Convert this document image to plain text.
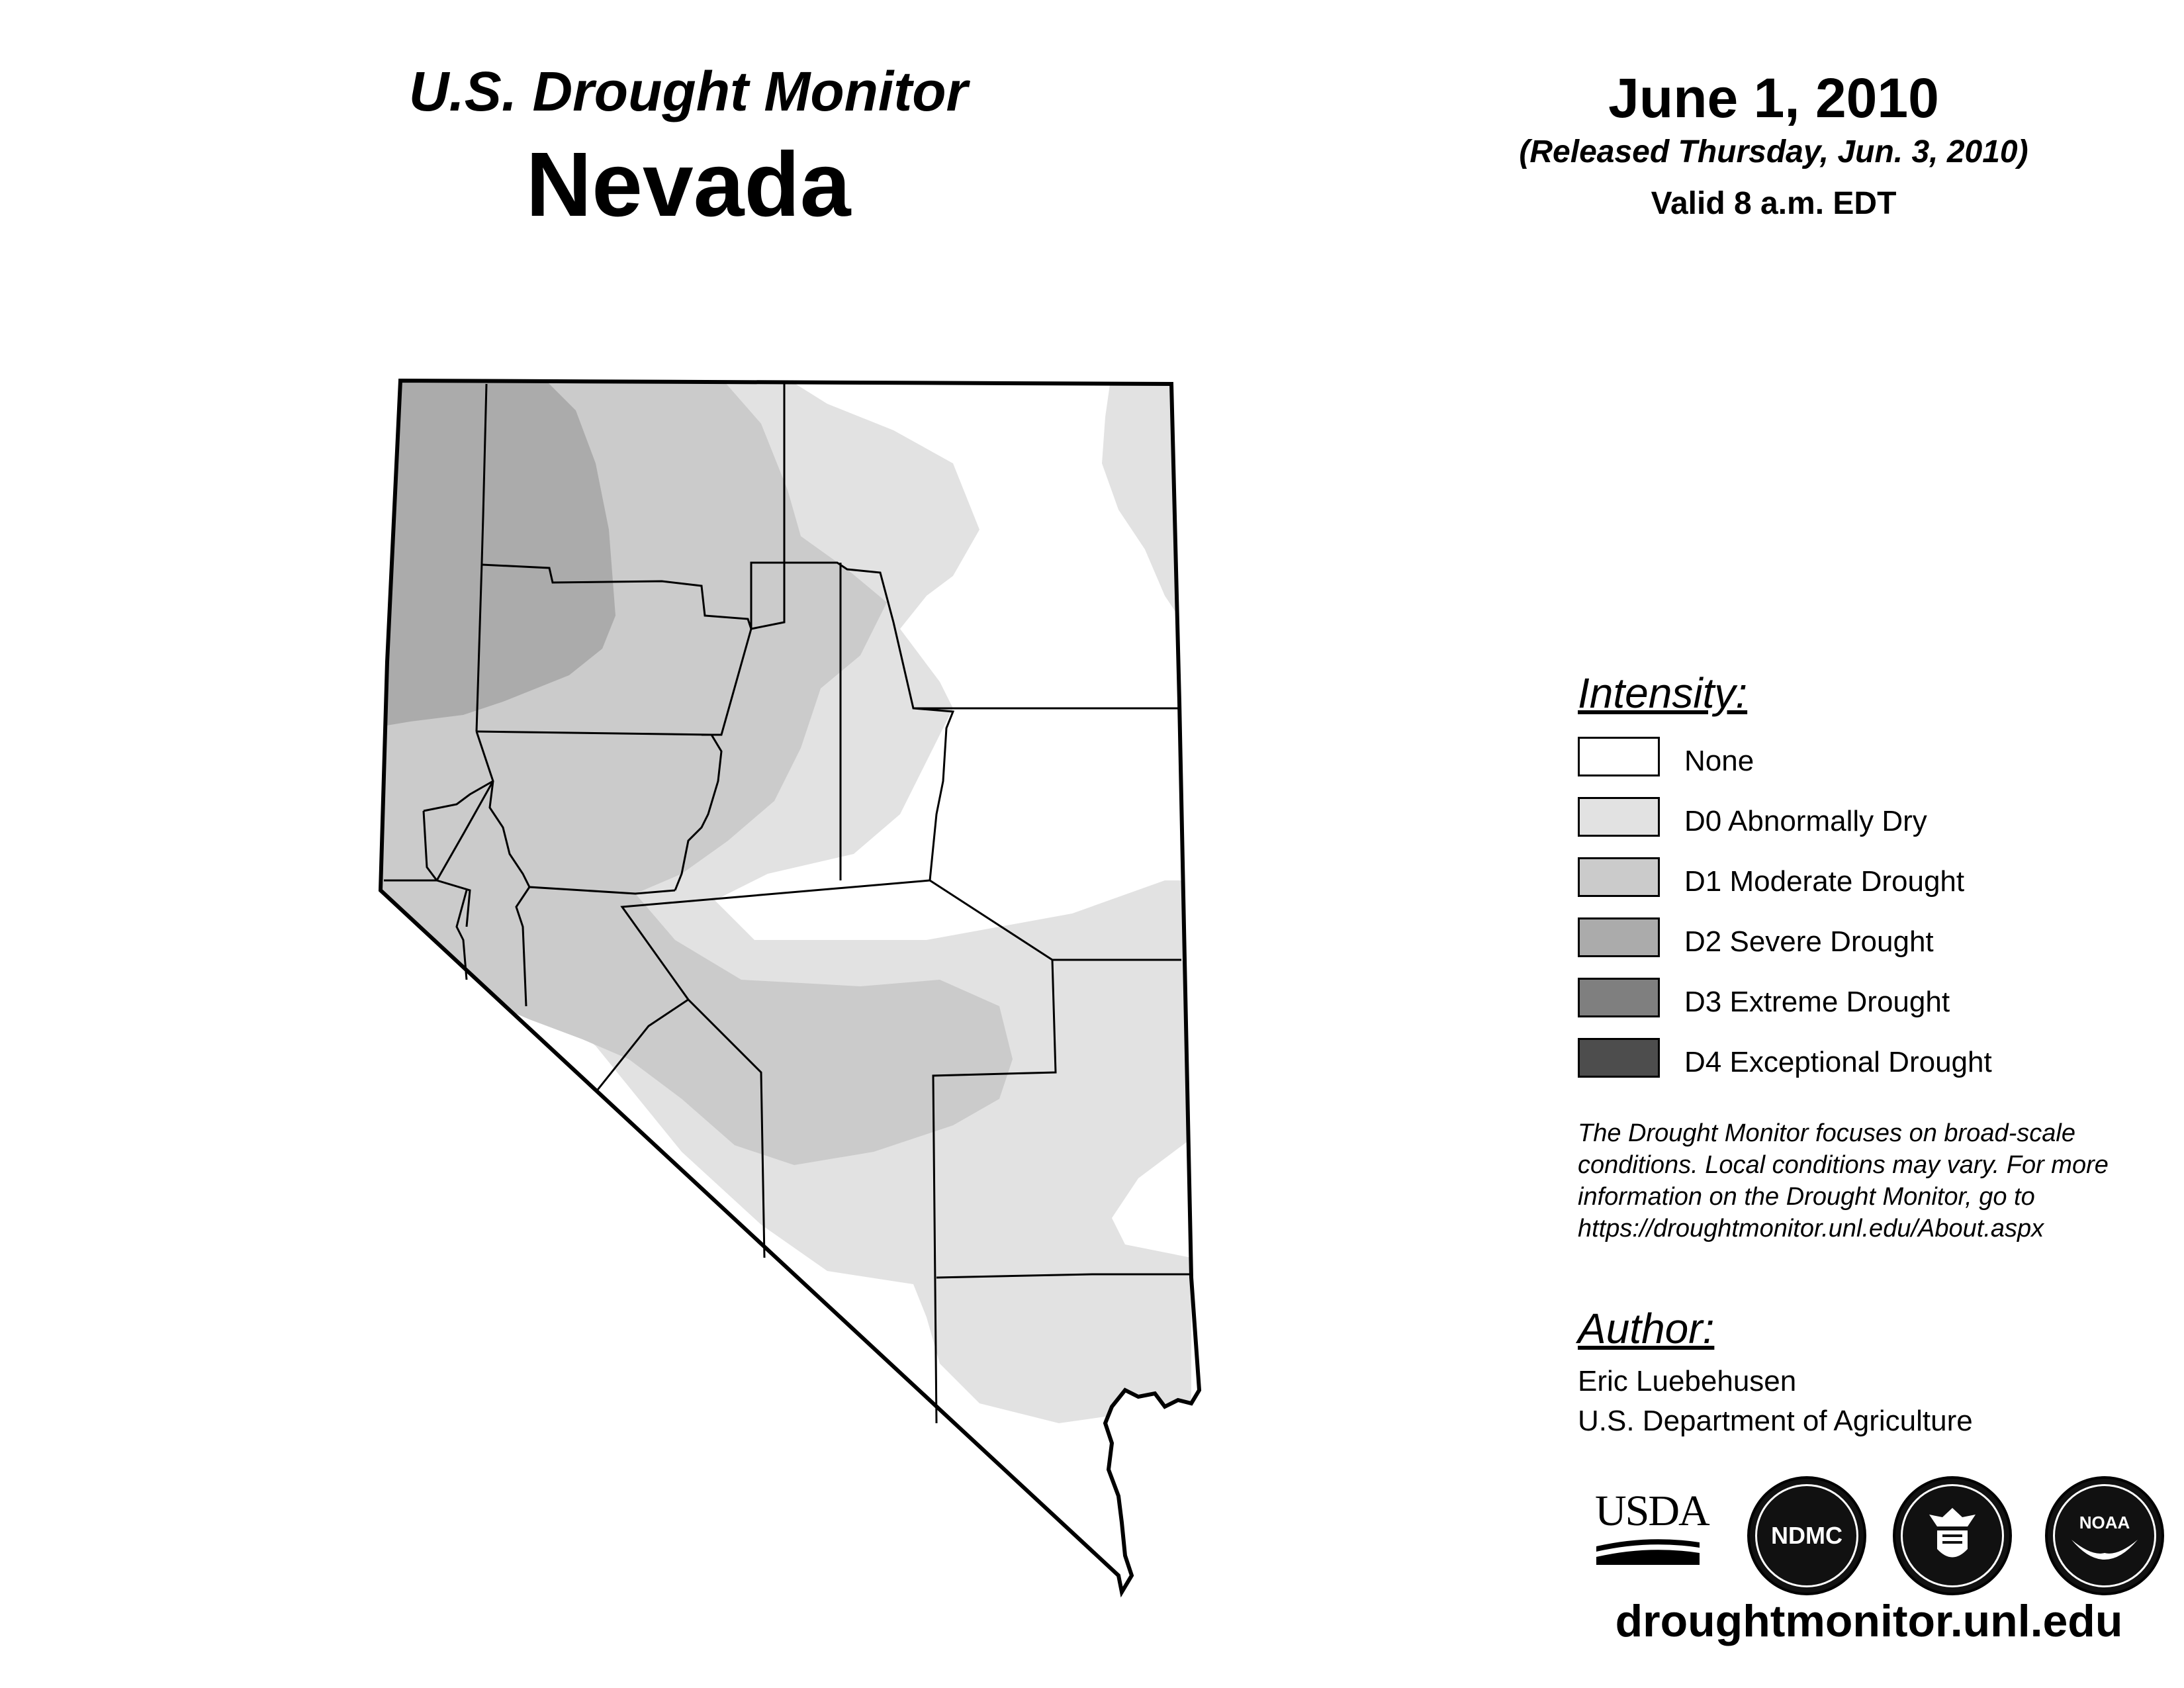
U.S. Drought Monitor
Nevada
June 1, 2010
(Released Thursday, Jun. 3, 2010)
Valid 8 a.m. EDT
Intensity:
None
D0 Abnormally Dry
D1 Moderate Drought
D2 Severe Drought
D3 Extreme Drought
D4 Exceptional Drought
The Drought Monitor focuses on broad-scale
conditions. Local conditions may vary. For more
information on the Drought Monitor, go to
https://droughtmonitor.unl.edu/About.aspx
Author:
Eric Luebehusen
U.S. Department of Agriculture
USDA
NDMC	NOAA
droughtmonitor.unl.edu
